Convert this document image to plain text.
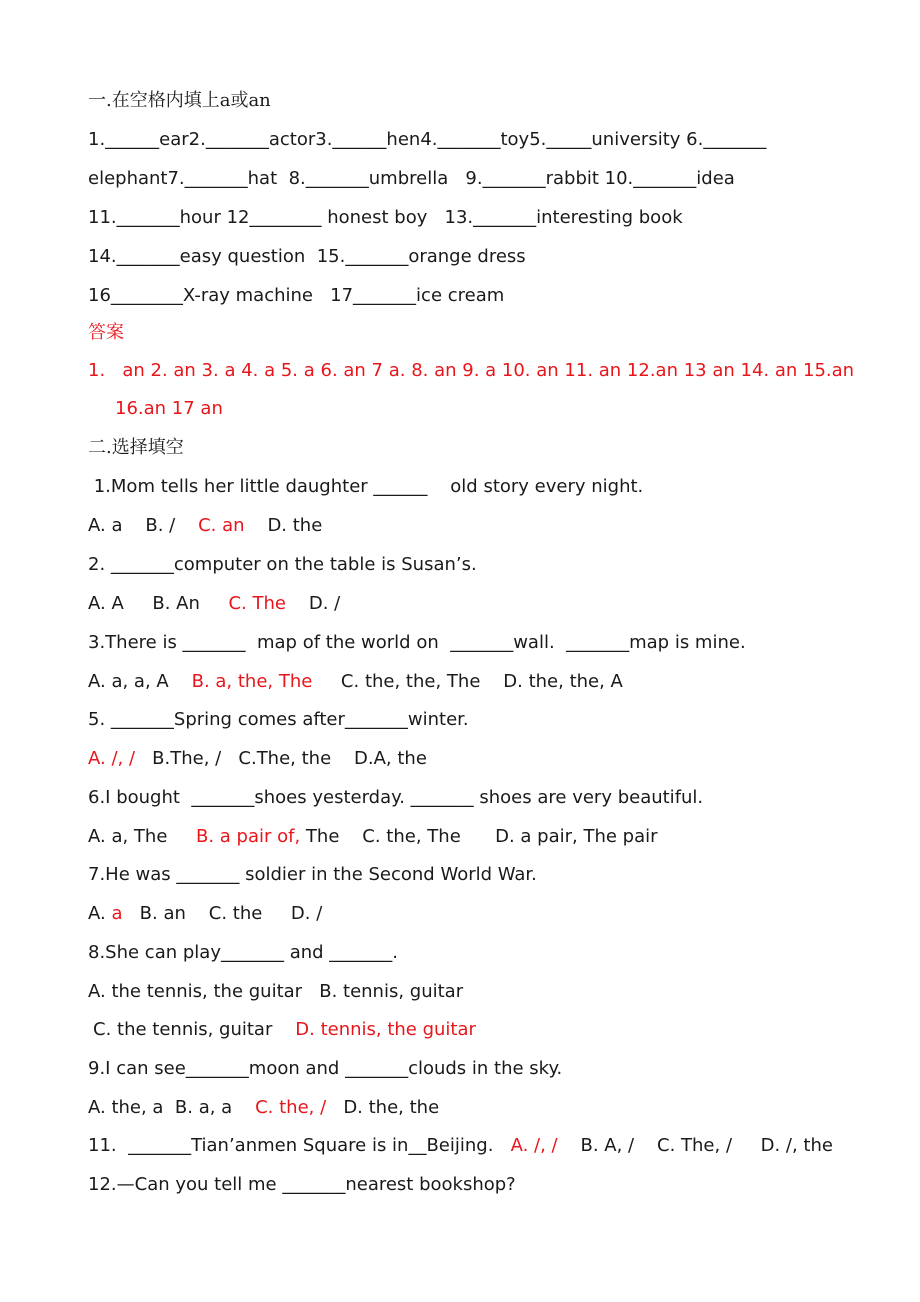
一.在空格内填上a或an
1.______ear2._______actor3.______hen4._______toy5._____university 6._______
elephant7._______hat  8._______umbrella   9._______rabbit 10._______idea
11._______hour 12________ honest boy   13._______interesting book
14._______easy question  15._______orange dress
16________X-ray machine   17_______ice cream
答案
1.   an 2. an 3. a 4. a 5. a 6. an 7 a. 8. an 9. a 10. an 11. an 12.an 13 an 14. an 15.an
16.an 17 an
二.选择填空
1.Mom tells her little daughter ______    old story every night.
A. a    B. /    C. an    D. the
2. _______computer on the table is Susan’s.
A. A     B. An     C. The    D. /
3.There is _______  map of the world on  _______wall.  _______map is mine.
A. a, a, A    B. a, the, The     C. the, the, The    D. the, the, A
5. _______Spring comes after_______winter.
A. /, /   B.The, /   C.The, the    D.A, the
6.I bought  _______shoes yesterday. _______ shoes are very beautiful.
A. a, The     B. a pair of, The    C. the, The      D. a pair, The pair
7.He was _______ soldier in the Second World War.
A. a   B. an    C. the     D. /
8.She can play_______ and _______.
A. the tennis, the guitar   B. tennis, guitar
C. the tennis, guitar    D. tennis, the guitar
9.I can see_______moon and _______clouds in the sky.
A. the, a  B. a, a    C. the, /   D. the, the
11.  _______Tian’anmen Square is in__Beijing.   A. /, /    B. A, /    C. The, /     D. /, the
12.—Can you tell me _______nearest bookshop?
